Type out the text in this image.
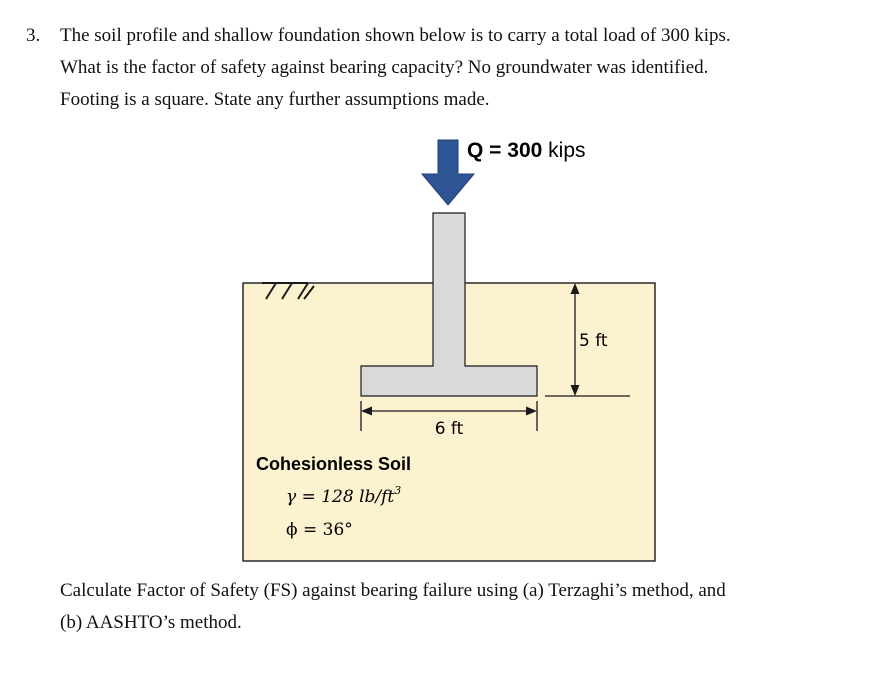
3. The soil profile and shallow foundation shown below is to carry a total load of 300 kips.

What is the factor of safety against bearing capacity? No groundwater was identified.

Footing is a square. State any further assumptions made.

Q = 300 kips
5 ft
6 ft
Cohesionless Soil
γ = 128 $lb/ft^3$
ϕ = 36°

Calculate Factor of Safety (FS) against bearing failure using (a) Terzaghi’s method, and

(b) AASHTO’s method.
